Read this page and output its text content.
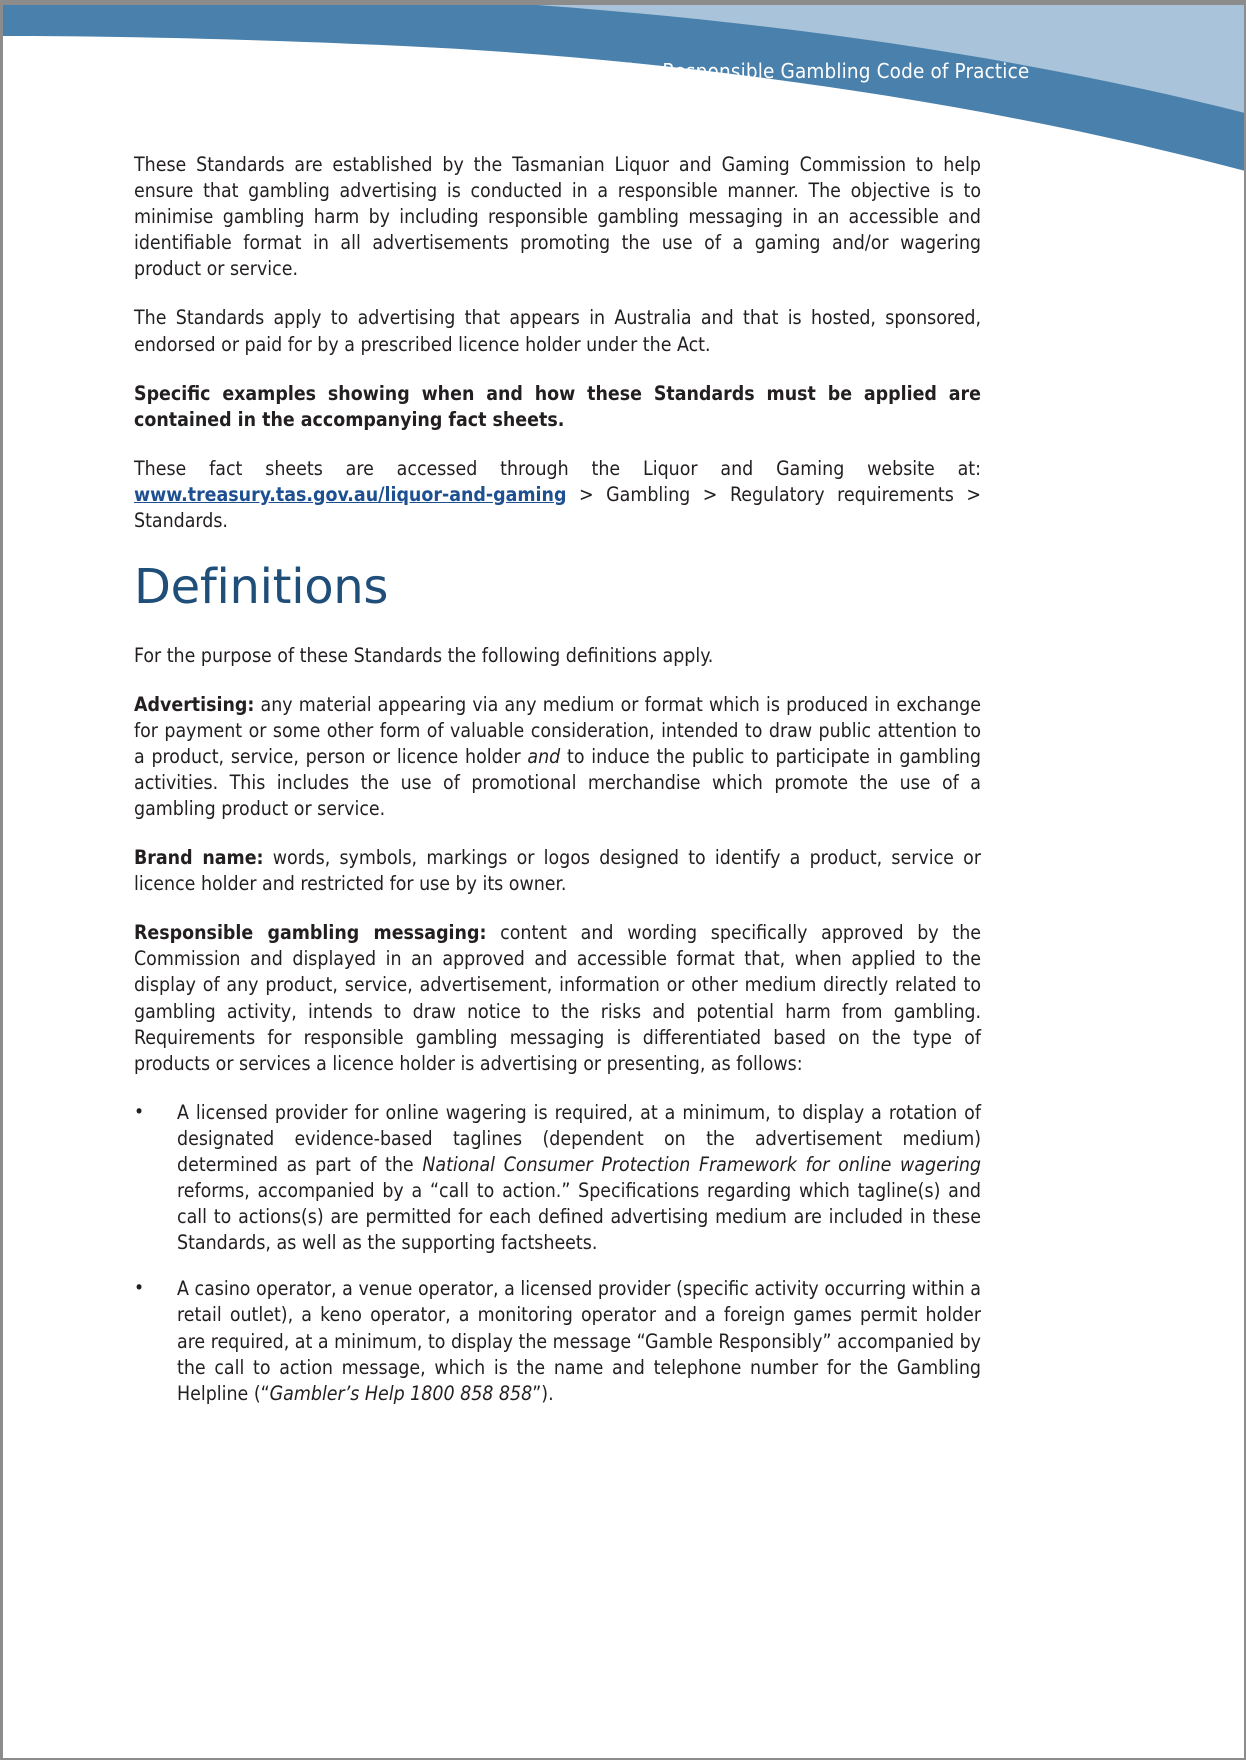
18 Tasmanian Liquor and Gaming Commission Responsible Gambling Code of Practice

These Standards are established by the Tasmanian Liquor and Gaming Commission to help ensure that gambling advertising is conducted in a responsible manner. The objective is to minimise gambling harm by including responsible gambling messaging in an accessible and identifiable format in all advertisements promoting the use of a gaming and/or wagering product or service.

The Standards apply to advertising that appears in Australia and that is hosted, sponsored, endorsed or paid for by a prescribed licence holder under the Act.

Specific examples showing when and how these Standards must be applied are contained in the accompanying fact sheets.

These fact sheets are accessed through the Liquor and Gaming website at: www.treasury.tas.gov.au/liquor-and-gaming > Gambling > Regulatory requirements > Standards.

Definitions

For the purpose of these Standards the following definitions apply.

Advertising: any material appearing via any medium or format which is produced in exchange for payment or some other form of valuable consideration, intended to draw public attention to a product, service, person or licence holder and to induce the public to participate in gambling activities. This includes the use of promotional merchandise which promote the use of a gambling product or service.

Brand name: words, symbols, markings or logos designed to identify a product, service or licence holder and restricted for use by its owner.

Responsible gambling messaging: content and wording specifically approved by the Commission and displayed in an approved and accessible format that, when applied to the display of any product, service, advertisement, information or other medium directly related to gambling activity, intends to draw notice to the risks and potential harm from gambling. Requirements for responsible gambling messaging is differentiated based on the type of products or services a licence holder is advertising or presenting, as follows:

• A licensed provider for online wagering is required, at a minimum, to display a rotation of designated evidence-based taglines (dependent on the advertisement medium) determined as part of the National Consumer Protection Framework for online wagering reforms, accompanied by a “call to action.” Specifications regarding which tagline(s) and call to actions(s) are permitted for each defined advertising medium are included in these Standards, as well as the supporting factsheets.
• A casino operator, a venue operator, a licensed provider (specific activity occurring within a retail outlet), a keno operator, a monitoring operator and a foreign games permit holder are required, at a minimum, to display the message “Gamble Responsibly” accompanied by the call to action message, which is the name and telephone number for the Gambling Helpline (“Gambler’s Help 1800 858 858”).
